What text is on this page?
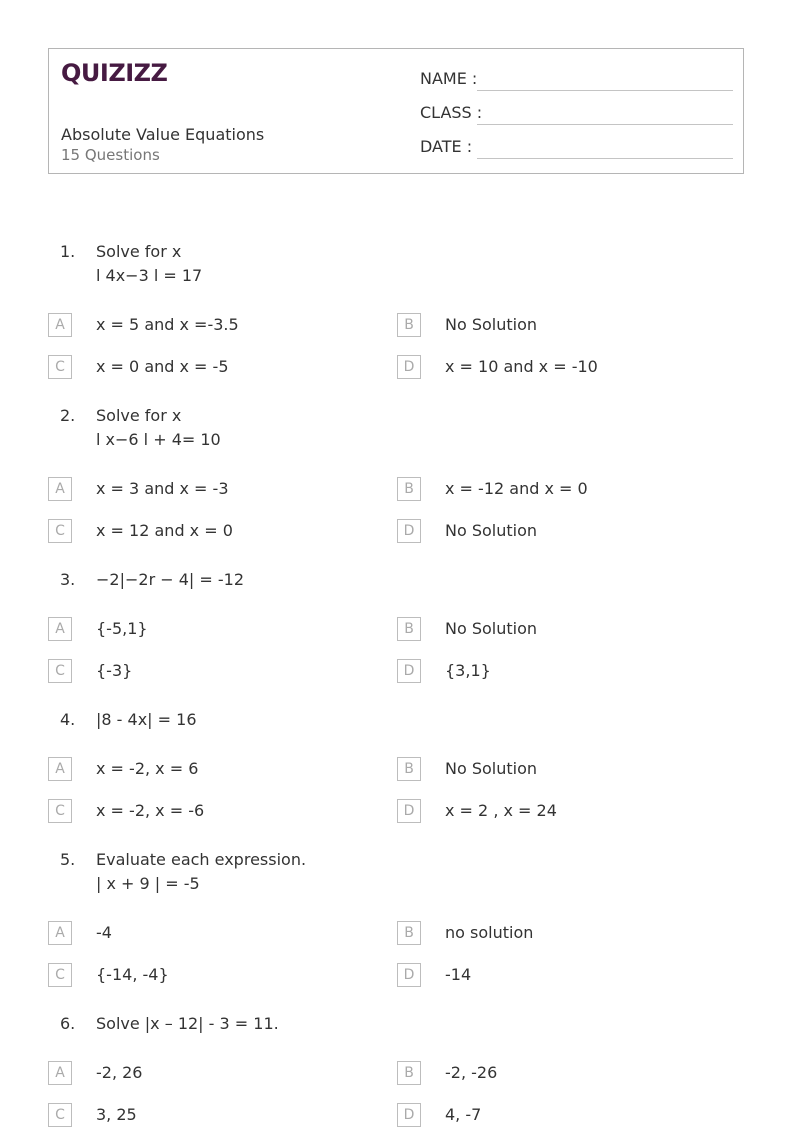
QUIZIZZ
Absolute Value Equations
15 Questions
NAME :
CLASS :
DATE :
1. Solve for x
l 4x−3 l = 17
A	x = 5 and x =-3.5	B	No Solution
C	x = 0 and x = -5	D	x = 10 and x = -10
2. Solve for x
l x−6 l + 4= 10
A	x = 3 and x = -3	B	x = -12 and x = 0
C	x = 12 and x = 0	D	No Solution
3. −2|−2r − 4| = -12
A	{-5,1}	B	No Solution
C	{-3}	D	{3,1}
4. |8 - 4x| = 16
A	x = -2, x = 6	B	No Solution
C	x = -2, x = -6	D	x = 2 , x = 24
5. Evaluate each expression.
| x + 9 | = -5
A	-4	B	no solution
C	{-14, -4}	D	-14
6. Solve |x – 12| - 3 = 11.
A	-2, 26	B	-2, -26
C	3, 25	D	4, -7
